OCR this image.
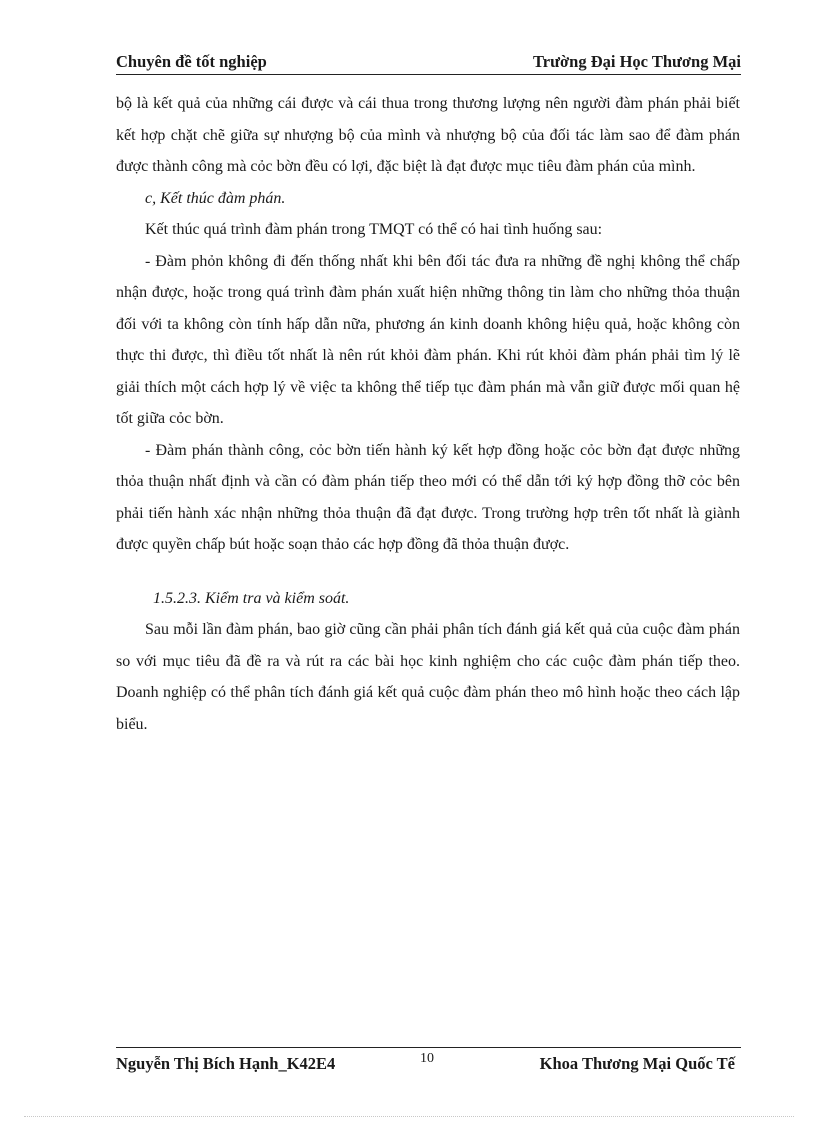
Chuyên đề tốt nghiệp	Trường Đại Học Thương Mại

bộ là kết quả của những cái được và cái thua trong thương lượng nên người đàm phán phải biết kết hợp chặt chẽ giữa sự nhượng bộ của mình và nhượng bộ của đối tác làm sao để đàm phán được thành công mà cỏc bờn đều có lợi, đặc biệt là đạt được mục tiêu đàm phán của mình.

c, Kết thúc đàm phán.

Kết thúc quá trình đàm phán trong TMQT có thể có hai tình huống sau:

- Đàm phỏn không đi đến thống nhất khi bên đối tác đưa ra những đề nghị không thể chấp nhận được, hoặc trong quá trình đàm phán xuất hiện những thông tin làm cho những thỏa thuận đối với ta không còn tính hấp dẫn nữa, phương án kinh doanh không hiệu quả, hoặc không còn thực thi được, thì điều tốt nhất là nên rút khỏi đàm phán. Khi rút khỏi đàm phán phải tìm lý lẽ giải thích một cách hợp lý về việc ta không thể tiếp tục đàm phán mà vẫn giữ được mối quan hệ tốt giữa cỏc bờn.

- Đàm phán thành công, cỏc bờn tiến hành ký kết hợp đồng hoặc cỏc bờn đạt được những thỏa thuận nhất định và cần có đàm phán tiếp theo mới có thể dẫn tới ký hợp đồng thỡ cỏc bên phải tiến hành xác nhận những thỏa thuận đã đạt được. Trong trường hợp trên tốt nhất là giành được quyền chấp bút hoặc soạn thảo các hợp đồng đã thỏa thuận được.

1.5.2.3. Kiểm tra và kiểm soát.

Sau mỗi lần đàm phán, bao giờ cũng cần phải phân tích đánh giá kết quả của cuộc đàm phán so với mục tiêu đã đề ra và rút ra các bài học kinh nghiệm cho các cuộc đàm phán tiếp theo. Doanh nghiệp có thể phân tích đánh giá kết quả cuộc đàm phán theo mô hình hoặc theo cách lập biểu.

Nguyễn Thị Bích Hạnh_K42E4	10	Khoa Thương Mại Quốc Tế
